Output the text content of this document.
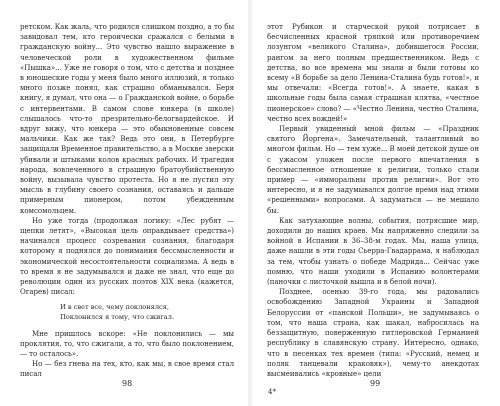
ретском. Как жаль, что родился слишком поздно, а то бы завидовал тем, кто героически сражался с белыми в гражданскую войну... Это чувство нашло выражение в человеческой роли в художественном фильме «Пышка»... Уже не говоря о том, что с детства и позднее в юношеские годы у меня было много иллюзий, я только много позже понял, как страшно обманывался. Беря книгу, я думал, что она — о Гражданской войне, о борьбе с интервентами. В самом слове юнкера (в школе) слышалось что-то презрительно-белогвардейское. И вдруг вижу, что юнкера — это обыкновенные совсем мальчики. Как же так? Ведь это они, в Петербурге защищали Временное правительство, а в Москве зверски убивали и штыками колов красных рабочих. И трагедия народа, вовлеченного в страшную братоубийственную войну, вызывала чувство протеста. Но я не пустил эту мысль в глубину своего сознания, оставаясь и дальше примерным пионером, потом убежденным комсомольцем.

Но уже тогда (продолжая логику: «Лес рубят — щепки летят», «Высокая цель оправдывает средства») начинался процесс созревания сознания, благодаря которому я поднялся до понимания бессмысленности и экономической несостоятельности социализма. А ведь в то время я не задумывался и даже не знал, что еще до революции один из русских поэтов XIX века (кажется, Огарев) писал:

И в свет все, чему поклонялся,
Поклонился я тому, что сжигал.

Мне пришлось вскоре: «Не поклонились — мы проклятия, то, что сжигали, а то, что было поклонением, — то осталось».

Но — без гнева на тех, кто, как мы, в свое время стал писал

98

этот Рубикон и старческой рукой потрясает в бесчисленных красной тряпкой или противоречием лозунгом «великого Сталина», добившегося России, рангом за него полным предшественником. Ведь с детства, во все времена мы знали и были готовы ко всему «В борьбе за дело Ленина-Сталина будь готов!», и мы отвечали: «Всегда готов!». А знаете, какая в школьные годы была самая страшная клятва, «честное пионерское» слово? — «Честно Ленина, честно Сталина, честно всех вождей!»

Первый увиденный мной фильм — «Праздник святого Йоргена». Замечательный, талантливый во многом фильм. Но — тем хуже... В моей детской душе он с ужасом уложен после первого впечатления в бессмысленное отношение к религии, только стали пример — «имморальны против религии». Вот это интересно, и я не задумывался долгое время над этими «решенными» вопросами. А задуматься — не мешало бы.

Как затухающие волны, события, потрясшие мир, доходили до наших краев. Мы напряженно следили за войной в Испании в 36–38-м годах. Мы, наша улица, даже нашли в эти годы Сьерра-Гвадаррама, я наблюдал за тем, чтобы узнать о победе Мадрида... Сейчас уже помню, что наши уходили в Испанию волонтерами (паночки с листочкой вышла и в белой ночи).

Позднее, осенью 39-го года, мы радовались освобождению Западной Украины и Западной Белоруссии от «панской Польши», не задумываясь о том, что наша страна, как шакал, набросилась на беззащитную, поверженную гитлеровской Германией республику в славянскую страну. Интересно, однако, что в песенках тех времен (типа: «Русский, немец и поляк танцевали краковяк»), чему-то анекдотах высмеивались «кровные» цели

99
4*
